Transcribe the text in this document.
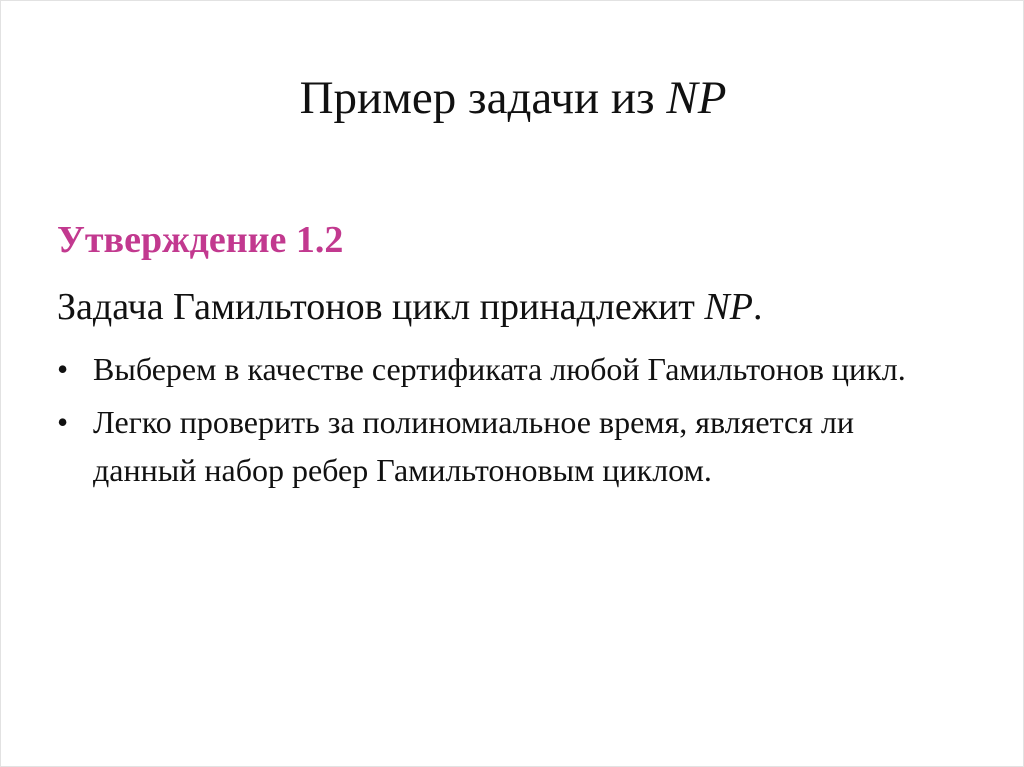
Пример задачи из NP
Утверждение 1.2
Задача Гамильтонов цикл принадлежит NP.
• Выберем в качестве сертификата любой Гамильтонов цикл.
• Легко проверить за полиномиальное время, является ли данный набор ребер Гамильтоновым циклом.
